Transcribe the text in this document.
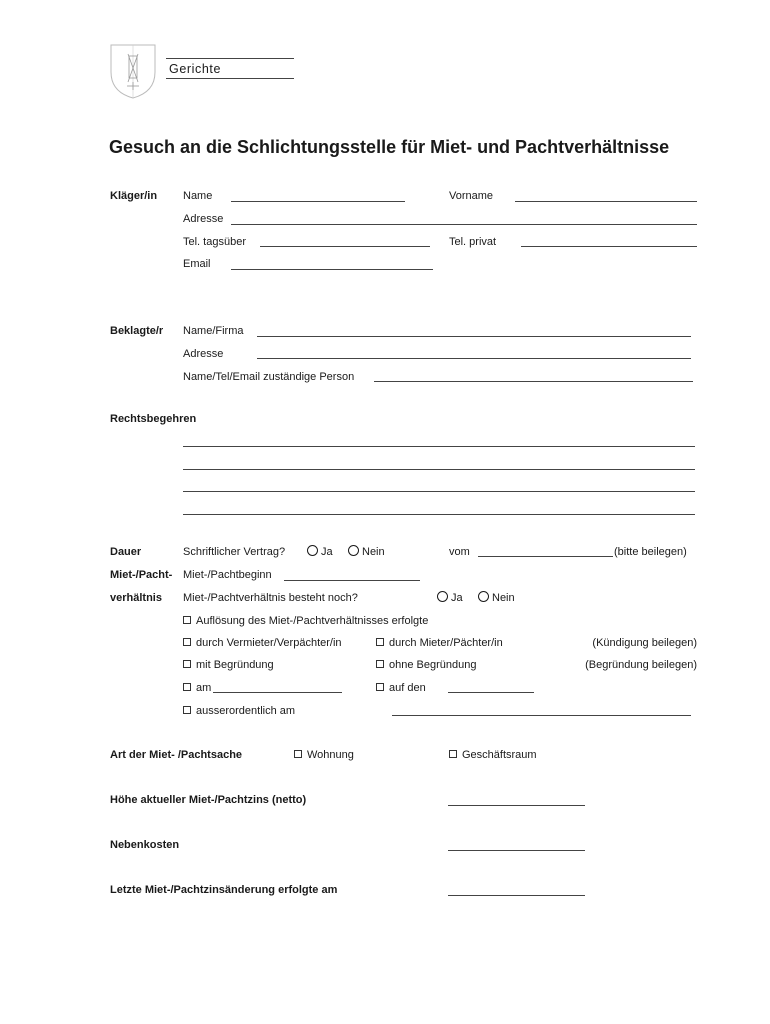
Gerichte
Gesuch an die Schlichtungsstelle für Miet- und Pachtverhältnisse
Kläger/in Name	Vorname
Adresse
Tel. tagsüber	Tel. privat
Email
Beklagte/r Name/Firma
Adresse
Name/Tel/Email zuständige Person
Rechtsbegehren
Dauer
Miet-/Pacht-
verhältnis
Schriftlicher Vertrag?	Ja	Nein	vom	(bitte beilegen)
Miet-/Pachtbeginn
Miet-/Pachtverhältnis besteht noch?	Ja	Nein
Auflösung des Miet-/Pachtverhältnisses erfolgte
durch Vermieter/Verpächter/in	durch Mieter/Pächter/in	(Kündigung beilegen)
mit Begründung	ohne Begründung	(Begründung beilegen)
am	auf den
ausserordentlich am
Art der Miet- /Pachtsache	Wohnung	Geschäftsraum
Höhe aktueller Miet-/Pachtzins (netto)
Nebenkosten
Letzte Miet-/Pachtzinsänderung erfolgte am
